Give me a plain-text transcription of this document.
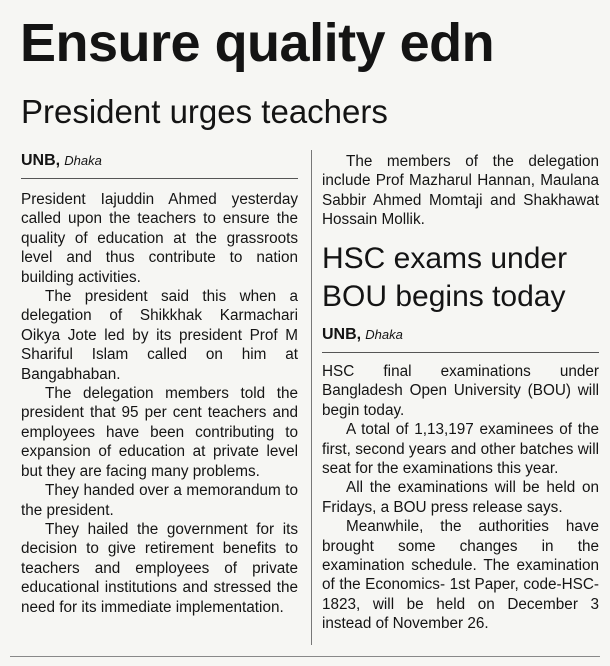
Ensure quality edn
President urges teachers
UNB, Dhaka

President Iajuddin Ahmed yesterday called upon the teachers to ensure the quality of education at the grassroots level and thus contribute to nation building activities.

The president said this when a delegation of Shikkhak Karmachari Oikya Jote led by its president Prof M Shariful Islam called on him at Bangabhaban.

The delegation members told the president that 95 per cent teachers and employees have been contributing to expansion of education at private level but they are facing many problems.

They handed over a memorandum to the president.

They hailed the government for its decision to give retirement benefits to teachers and employees of private educational institutions and stressed the need for its immediate implementation.

The members of the delegation include Prof Mazharul Hannan, Maulana Sabbir Ahmed Momtaji and Shakhawat Hossain Mollik.

HSC exams under BOU begins today
UNB, Dhaka

HSC final examinations under Bangladesh Open University (BOU) will begin today.

A total of 1,13,197 examinees of the first, second years and other batches will seat for the examinations this year.

All the examinations will be held on Fridays, a BOU press release says.

Meanwhile, the authorities have brought some changes in the examination schedule. The examination of the Economics- 1st Paper, code-HSC-1823, will be held on December 3 instead of November 26.
